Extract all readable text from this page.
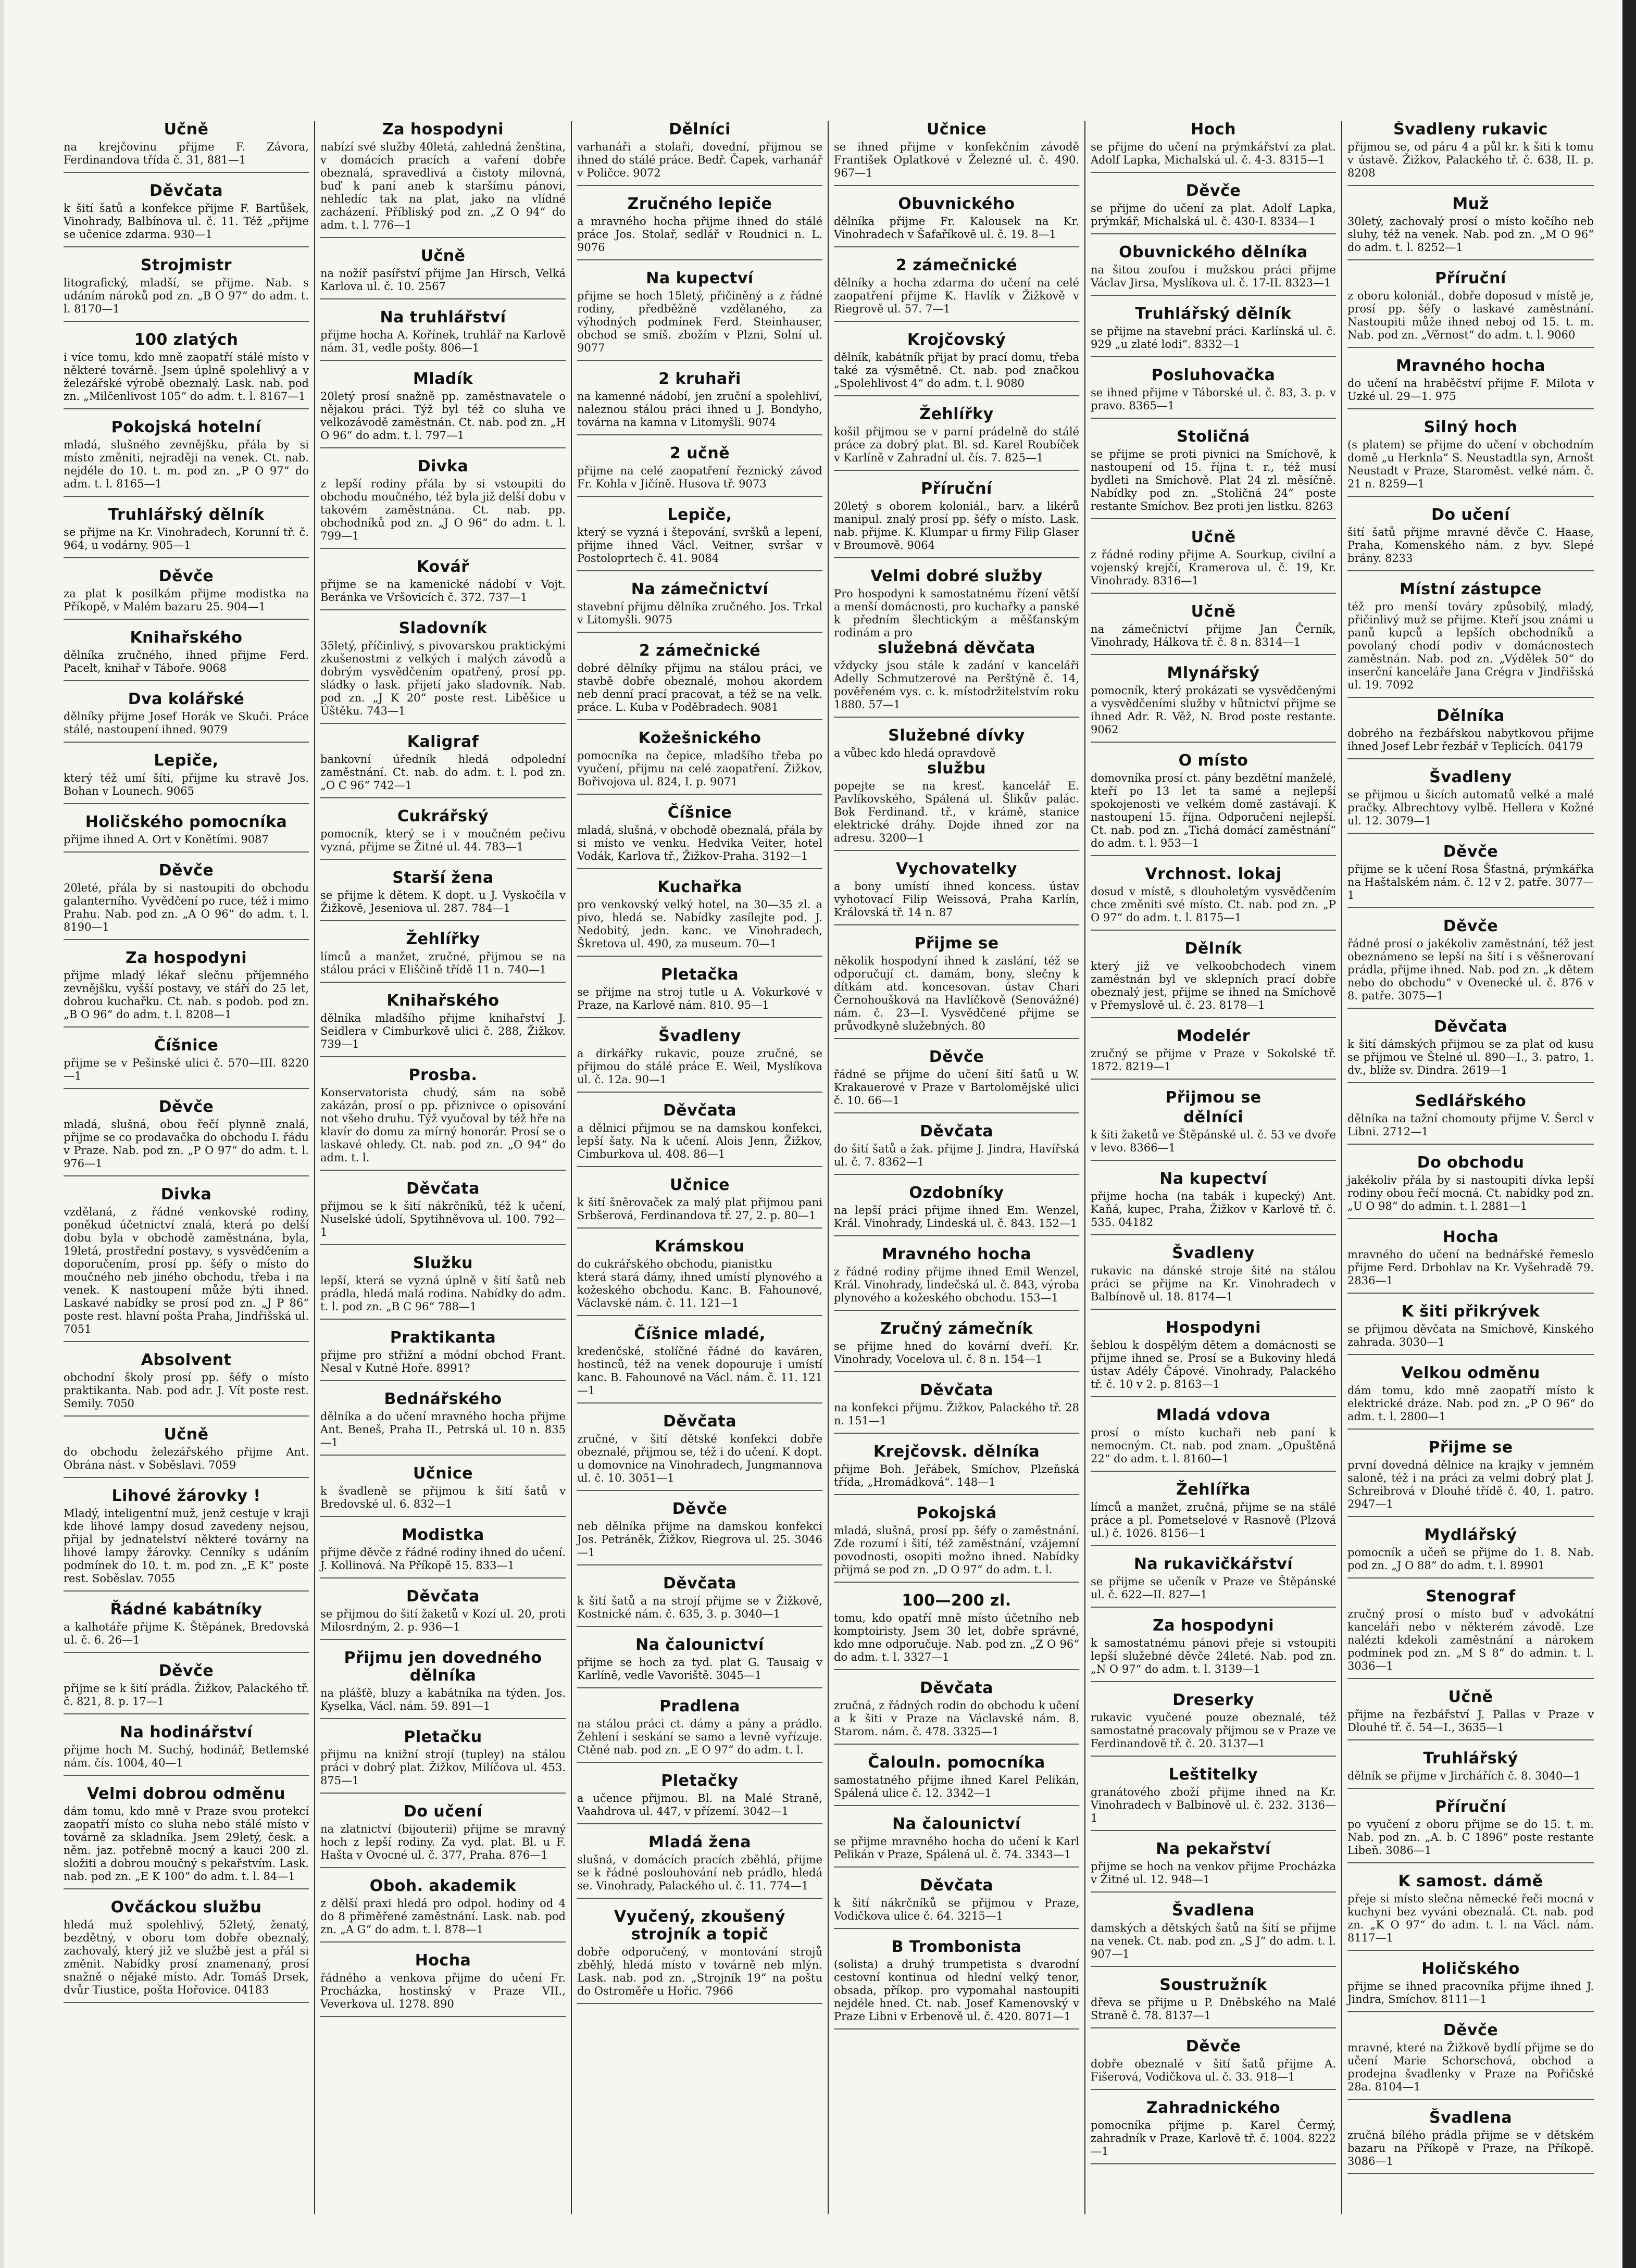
Učně

na krejčovinu přijme F. Závora, Ferdinandova třída č. 31, 881—1

Děvčata

k šití šatů a konfekce přijme F. Bartůšek, Vinohrady, Balbínova ul. č. 11. Též „přijme se učenice zdarma. 930—1

Strojmistr

litografický, mladší, se přijme. Nab. s udáním nároků pod zn. „B O 97“ do adm. t. l. 8170—1

100 zlatých

i více tomu, kdo mně zaopatří stálé místo v některé továrně. Jsem úplně spolehlivý a v železářské výrobě obeznalý. Lask. nab. pod zn. „Milčenlivost 105“ do adm. t. l. 8167—1

Pokojská hotelní

mladá, slušného zevnějšku, přála by si místo změniti, nejraději na venek. Ct. nab. nejdéle do 10. t. m. pod zn. „P O 97“ do adm. t. l. 8165—1

Truhlářský dělník

se přijme na Kr. Vinohradech, Korunní tř. č. 964, u vodárny. 905—1

Děvče

za plat k posilkám přijme modistka na Příkopě, v Malém bazaru 25. 904—1

Knihařského

dělníka zručného, ihned přijme Ferd. Pacelt, knihař v Táboře. 9068

Dva kolářské

dělníky přijme Josef Horák ve Skuči. Práce stálé, nastoupení ihned. 9079

Lepiče,

který též umí šíti, přijme ku stravě Jos. Bohan v Lounech. 9065

Holičského pomocníka

přijme ihned A. Ort v Konětími. 9087

Děvče

20leté, přála by si nastoupiti do obchodu galanterního. Vyvědčení po ruce, též i mimo Prahu. Nab. pod zn. „A O 96“ do adm. t. l. 8190—1

Za hospodyni

přijme mladý lékař slečnu příjemného zevnějšku, vyšší postavy, ve stáří do 25 let, dobrou kuchařku. Ct. nab. s podob. pod zn. „B O 96“ do adm. t. l. 8208—1

Číšnice

přijme se v Pešinské ulici č. 570—III. 8220—1

Děvče

mladá, slušná, obou řečí plynně znalá, přijme se co prodavačka do obchodu I. řádu v Praze. Nab. pod zn. „P O 97“ do adm. t. l. 976—1

Divka

vzdělaná, z řádné venkovské rodiny, poněkud účetnictví znalá, která po delší dobu byla v obchodě zaměstnána, byla, 19letá, prostřední postavy, s vysvědčením a doporučením, prosí pp. šéfy o místo do moučného neb jiného obchodu, třeba i na venek. K nastoupení může býti ihned. Laskavé nabídky se prosí pod zn. „J P 86“ poste rest. hlavní pošta Praha, Jindřišská ul. 7051

Absolvent

obchodní školy prosí pp. šéfy o místo praktikanta. Nab. pod adr. J. Vít poste rest. Semily. 7050

Učně

do obchodu železářského přijme Ant. Obrána nást. v Soběslavi. 7059

Lihové žárovky !

Mladý, inteligentní muž, jenž cestuje v kraji kde lihové lampy dosud zavedeny nejsou, přijal by jednatelství některé továrny na lihové lampy žárovky. Cenníky s udáním podmínek do 10. t. m. pod zn. „E K“ poste rest. Soběslav. 7055

Řádné kabátníky

a kalhotáře přijme K. Štěpánek, Bredovská ul. č. 6. 26—1

Děvče

přijme se k šití prádla. Žižkov, Palackého tř. č. 821, 8. p. 17—1

Na hodinářství

přijme hoch M. Suchý, hodinář, Betlemské nám. čís. 1004, 40—1

Velmi dobrou odměnu

dám tomu, kdo mně v Praze svou protekcí zaopatří místo co sluha nebo stálé místo v továrně za skladníka. Jsem 29letý, česk. a něm. jaz. potřebně mocný a kauci 200 zl. složiti a dobrou moučný s pekařstvím. Lask. nab. pod zn. „E K 100“ do adm. t. l. 84—1

Ovčáckou službu

hledá muž spolehlivý, 52letý, ženatý, bezdětný, v oboru tom dobře obeznalý, zachovalý, který již ve službě jest a přál si změnit. Nabídky prosí znamenaný, prosí snažně o nějaké místo. Adr. Tomáš Drsek, dvůr Tiustice, pošta Hořovice. 04183

Za hospodyni

nabízí své služby 40letá, zahledná ženština, v domácích pracích a vaření dobře obeznalá, spravedlivá a čistoty milovná, buď k paní aneb k staršímu pánovi, nehledíc tak na plat, jako na vlídné zacházení. Příbliský pod zn. „Z O 94“ do adm. t. l. 776—1

Učně

na nožíř pasířství přijme Jan Hirsch, Velká Karlova ul. č. 10. 2567

Na truhlářství

přijme hocha A. Kořínek, truhlář na Karlově nám. 31, vedle pošty. 806—1

Mladík

20letý prosí snažně pp. zaměstnavatele o nějakou práci. Týž byl též co sluha ve velkozávodě zaměstnán. Ct. nab. pod zn. „H O 96“ do adm. t. l. 797—1

Divka

z lepší rodiny přála by si vstoupiti do obchodu moučného, též byla již delší dobu v takovém zaměstnána. Ct. nab. pp. obchodníků pod zn. „J O 96“ do adm. t. l. 799—1

Kovář

přijme se na kamenické nádobí v Vojt. Beránka ve Vršovicích č. 372. 737—1

Sladovník

35letý, příčinlivý, s pivovarskou praktickými zkušenostmi z velkých i malých závodů a dobrým vysvědčením opatřený, prosí pp. sládky o lask. přijetí jako sladovník. Nab. pod zn. „J K 20“ poste rest. Liběšice u Úštěku. 743—1

Kaligraf

bankovní úředník hledá odpolední zaměstnání. Ct. nab. do adm. t. l. pod zn. „O C 96“ 742—1

Cukrářský

pomocník, který se i v moučném pečivu vyzná, přijme se Žitné ul. 44. 783—1

Starší žena

se přijme k dětem. K dopt. u J. Vyskočila v Žižkově, Jeseniova ul. 287. 784—1

Žehlířky

límců a manžet, zručné, přijmou se na stálou práci v Eliščině třídě 11 n. 740—1

Knihařského

dělníka mladšího přijme knihařství J. Seidlera v Cimburkově ulici č. 288, Žižkov. 739—1

Prosba.

Konservatorista chudý, sám na sobě zakázán, prosí o pp. přiznivce o opisování not všeho druhu. Týž vyučoval by též hře na klavír do domu za mírný honorár. Prosí se o laskavé ohledy. Ct. nab. pod zn. „O 94“ do adm. t. l.

Děvčata

přijmou se k šití nákrčníků, též k učení, Nuselské údolí, Spytihněvova ul. 100. 792—1

Služku

lepší, která se vyzná úplně v šití šatů neb prádla, hledá malá rodina. Nabídky do adm. t. l. pod zn. „B C 96“ 788—1

Praktikanta

přijme pro střižní a módní obchod Frant. Nesal v Kutné Hoře. 8991?

Bednářského

dělníka a do učení mravného hocha přijme Ant. Beneš, Praha II., Petrská ul. 10 n. 835—1

Učnice

k švadleně se přijmou k šití šatů v Bredovské ul. 6. 832—1

Modistka

přijme děvče z řádné rodiny ihned do učení. J. Kollinová. Na Příkopě 15. 833—1

Děvčata

se přijmou do šití žaketů v Kozí ul. 20, proti Milosrdným, 2. p. 936—1

Přijmu jen dovedného dělníka

na plášťě, bluzy a kabátníka na týden. Jos. Kyselka, Václ. nám. 59. 891—1

Pletačku

přijmu na knižní strojí (tupley) na stálou práci v dobrý plat. Žižkov, Milíčova ul. 453. 875—1

Do učení

na zlatnictví (bijouterii) přijme se mravný hoch z lepší rodiny. Za vyd. plat. Bl. u F. Hašta v Ovocné ul. č. 377, Praha. 876—1

Oboh. akademik

z dělší praxi hledá pro odpol. hodiny od 4 do 8 přiměřené zaměstnání. Lask. nab. pod zn. „A G“ do adm. t. l. 878—1

Hocha

řádného a venkova přijme do učení Fr. Procházka, hostinský v Praze VII., Veverkova ul. 1278. 890

Dělníci

varhanáři a stolaři, dovední, přijmou se ihned do stálé práce. Bedř. Čapek, varhanář v Poličce. 9072

Zručného lepiče

a mravného hocha přijme ihned do stálé práce Jos. Stolař, sedlář v Roudnici n. L. 9076

Na kupectví

přijme se hoch 15letý, přičiněný a z řádné rodiny, předběžně vzdělaného, za výhodných podmínek Ferd. Steinhauser, obchod se smíš. zbožím v Plzni, Solní ul. 9077

2 kruhaři

na kamenné nádobí, jen zruční a spolehliví, naleznou stálou práci ihned u J. Bondyho, továrna na kamna v Litomyšli. 9074

2 učně

přijme na celé zaopatření řeznický závod Fr. Kohla v Jičíně. Husova tř. 9073

Lepiče,

který se vyzná i štepování, svršků a lepení, přijme ihned Václ. Veitner, svršar v Postoloprtech č. 41. 9084

Na zámečnictví

stavební přijmu dělníka zručného. Jos. Trkal v Litomyšli. 9075

2 zámečnické

dobré dělníky přijmu na stálou práci, ve stavbě dobře obeznalé, mohou akordem neb denní prací pracovat, a též se na velk. práce. L. Kuba v Poděbradech. 9081

Kožešnického

pomocníka na čepice, mladšího třeba po vyučení, přijmu na celé zaopatření. Žižkov, Bořivojova ul. 824, I. p. 9071

Číšnice

mladá, slušná, v obchodě obeznalá, přála by si místo ve venku. Hedvika Veiter, hotel Vodák, Karlova tř., Žižkov-Praha. 3192—1

Kuchařka

pro venkovský velký hotel, na 30—35 zl. a pivo, hledá se. Nabídky zasílejte pod. J. Nedobitý, jedn. kanc. ve Vinohradech, Škretova ul. 490, za museum. 70—1

Pletačka

se přijme na stroj tutle u A. Vokurkové v Praze, na Karlově nám. 810. 95—1

Švadleny

a dirkářky rukavic, pouze zručné, se přijmou do stálé práce E. Weil, Myslíkova ul. č. 12a. 90—1

Děvčata

a dělnici přijmou se na damskou konfekci, lepší šaty. Na k učení. Alois Jenn, Žižkov, Cimburkova ul. 408. 86—1

Učnice

k šití šněrovaček za malý plat přijmou pani Srbšerová, Ferdinandova tř. 27, 2. p. 80—1

Krámskou

do cukrářského obchodu, pianistku

která stará dámy, ihned umístí plynového a kožeského obchodu. Kanc. B. Fahounové, Václavské nám. č. 11. 121—1

Číšnice mladé,

kredenčské, stolíčné řádné do kaváren, hostinců, též na venek dopouruje i umístí kanc. B. Fahounové na Václ. nám. č. 11. 121—1

Děvčata

zručné, v šití dětské konfekci dobře obeznalé, přijmou se, též i do učení. K dopt. u domovnice na Vinohradech, Jungmannova ul. č. 10. 3051—1

Děvče

neb dělníka přijme na damskou konfekci Jos. Petráněk, Žižkov, Riegrova ul. 25. 3046—1

Děvčata

k šití šatů a na strojí přijme se v Žižkově, Kostnické nám. č. 635, 3. p. 3040—1

Na čalounictví

přijme se hoch za tyd. plat G. Tausaig v Karlíně, vedle Vavoriště. 3045—1

Pradlena

na stálou práci ct. dámy a pány a prádlo. Žehlení i seskání se samo a levně vyřízuje. Ctěné nab. pod zn. „E O 97“ do adm. t. l.

Pletačky

a učence přijmou. Bl. na Malé Straně, Vaahdrova ul. 447, v přízemí. 3042—1

Mladá žena

slušná, v domácích pracích zběhlá, přijme se k řádné poslouhování neb prádlo, hledá se. Vinohrady, Palackého ul. č. 11. 774—1

Vyučený, zkoušený strojník a topič

dobře odporučený, v montování strojů zběhlý, hledá místo v továrně neb mlýn. Lask. nab. pod zn. „Strojník 19“ na poštu do Ostroměře u Hořic. 7966

Učnice

se ihned přijme v konfekčním závodě František Oplatkové v Železné ul. č. 490. 967—1

Obuvnického

dělníka přijme Fr. Kalousek na Kr. Vinohradech v Šafaříkově ul. č. 19. 8—1

2 zámečnické

dělníky a hocha zdarma do učení na celé zaopatření přijme K. Havlík v Žižkově v Riegrově ul. 57. 7—1

Krojčovský

dělník, kabátník přijat by prací domu, třeba také za výsmětně. Ct. nab. pod značkou „Spolehlivost 4“ do adm. t. l. 9080

Žehlířky

košil přijmou se v parní prádelně do stálé práce za dobrý plat. Bl. sd. Karel Roubíček v Karlíně v Zahradní ul. čís. 7. 825—1

Příruční

20letý s oborem koloniál., barv. a likérů manipul. znalý prosí pp. šéfy o místo. Lask. nab. přijme. K. Klumpar u firmy Filip Glaser v Broumově. 9064

Velmi dobré služby

Pro hospodyni k samostatnému řízení větší a menší domácnosti, pro kuchařky a panské k předním šlechtickým a měšťanským rodinám a pro

služebná děvčata

vždycky jsou stále k zadání v kanceláři Adelly Schmutzerové na Perštýně č. 14, pověřeném vys. c. k. místodržitelstvím roku 1880. 57—1

Služebné dívky

a vůbec kdo hledá opravdově

službu

popejte se na kresť. kancelář E. Pavlíkovského, Spálená ul. Šlikův palác. Bok Ferdinand. tř., v krámě, stanice elektrické dráhy. Dojde ihned zor na adresu. 3200—1

Vychovatelky

a bony umístí ihned koncess. ústav vyhotovací Filip Weissová, Praha Karlín, Královská tř. 14 n. 87

Přijme se

několik hospodyní ihned k zaslání, též se odporučují ct. damám, bony, slečny k dítkám atd. koncesovan. ústav Chari Černohoušková na Havlíčkově (Senovážné) nám. č. 23—I. Vysvědčené přijme se průvodkyně služebných. 80

Děvče

řádné se přijme do učení šití šatů u W. Krakauerové v Praze v Bartolomějské ulici č. 10. 66—1

Děvčata

do šití šatů a žak. přijme J. Jindra, Havířská ul. č. 7. 8362—1

Ozdobníky

na lepší práci přijme ihned Em. Wenzel, Král. Vinohrady, Lindeská ul. č. 843. 152—1

Mravného hocha

z řádné rodiny přijme ihned Emil Wenzel, Král. Vinohrady, lindečská ul. č. 843, výroba plynového a kožeského obchodu. 153—1

Zručný zámečník

se přijme hned do kovární dveří. Kr. Vinohrady, Vocelova ul. č. 8 n. 154—1

Děvčata

na konfekci přijmu. Žižkov, Palackého tř. 28 n. 151—1

Krejčovsk. dělníka

přijme Boh. Jeřábek, Smíchov, Plzeňská třída, „Hromádková“. 148—1

Pokojská

mladá, slušná, prosí pp. šéfy o zaměstnání. Zde rozumí i šití, též zaměstnání, vzájemní povodnosti, osopiti možno ihned. Nabídky přijmá se pod zn. „D O 97“ do adm. t. l.

100—200 zl.

tomu, kdo opatří mně místo účetního neb komptoiristy. Jsem 30 let, dobře správné, kdo mne odporučuje. Nab. pod zn. „Z O 96“ do adm. t. l. 3327—1

Děvčata

zručná, z řádných rodin do obchodu k učení a k šiti v Praze na Václavské nám. 8. Starom. nám. č. 478. 3325—1

Čalouln. pomocníka

samostatného přijme ihned Karel Pelikán, Spálená ulice č. 12. 3342—1

Na čalounictví

se přijme mravného hocha do učení k Karl Pelikán v Praze, Spálená ul. č. 74. 3343—1

Děvčata

k šití nákrčníků se přijmou v Praze, Vodičkova ulice č. 64. 3215—1

B Trombonista

(solista) a druhý trumpetista s dvarodní cestovní kontinua od hlední velký tenor, obsada, příkop. pro vypomahal nastoupiti nejdéle hned. Ct. nab. Josef Kamenovský v Praze Libni v Erbenově ul. č. 420. 8071—1

Hoch

se přijme do učení na prýmkářství za plat. Adolf Lapka, Michalská ul. č. 4-3. 8315—1

Děvče

se přijme do učení za plat. Adolf Lapka, prýmkář, Michalská ul. č. 430-I. 8334—1

Obuvnického dělníka

na šitou zoufou i mužskou práci přijme Václav Jirsa, Myslíkova ul. č. 17-II. 8323—1

Truhlářský dělník

se přijme na stavební práci. Karlínská ul. č. 929 „u zlaté lodi“. 8332—1

Posluhovačka

se ihned přijme v Táborské ul. č. 83, 3. p. v pravo. 8365—1

Stoličná

se přijme se proti pivnici na Smíchově, k nastoupení od 15. října t. r., též musí bydleti na Smíchově. Plat 24 zl. měsíčně. Nabídky pod zn. „Stoličná 24“ poste restante Smíchov. Bez proti jen listku. 8263

Učně

z řádné rodiny přijme A. Sourkup, civilní a vojenský krejčí, Kramerova ul. č. 19, Kr. Vinohrady. 8316—1

Učně

na zámečnictví přijme Jan Černík, Vinohrady, Hálkova tř. č. 8 n. 8314—1

Mlynářský

pomocník, který prokázati se vysvědčenými a vysvědčeními služby v hůtnictví přijme se ihned Adr. R. Věž, N. Brod poste restante. 9062

O místo

domovníka prosí ct. pány bezdětní manželé, kteří po 13 let ta samé a nejlepší spokojenosti ve velkém domě zastávají. K nastoupení 15. října. Odporučení nejlepší. Ct. nab. pod zn. „Tichá domácí zaměstnání“ do adm. t. l. 953—1

Vrchnost. lokaj

dosud v místě, s dlouholetým vysvědčením chce změniti své místo. Ct. nab. pod zn. „P O 97“ do adm. t. l. 8175—1

Dělník

který již ve velkoobchodech vinem zaměstnán byl ve sklepních prací dobře obeznalý jest, přijme se ihned na Smíchově v Přemyslově ul. č. 23. 8178—1

Modelér

zručný se přijme v Praze v Sokolské tř. 1872. 8219—1

Přijmou se
dělníci

k šiti žaketů ve Štěpánské ul. č. 53 ve dvoře v levo. 8366—1

Na kupectví

přijme hocha (na tabák i kupecký) Ant. Kaňá, kupec, Praha, Žižkov v Karlově tř. č. 535. 04182

Švadleny

rukavic na dánské stroje šité na stálou práci se přijme na Kr. Vinohradech v Balbínově ul. 18. 8174—1

Hospodyni

šeblou k dospělým dětem a domácnosti se přijme ihned se. Prosí se a Bukoviny hledá ústav Adély Čápové. Vinohrady, Palackého tř. č. 10 v 2. p. 8163—1

Mladá vdova

prosí o místo kuchaři neb paní k nemocným. Ct. nab. pod znam. „Opuštěná 22“ do adm. t. l. 8160—1

Žehlířka

límců a manžet, zručná, přijme se na stálé práce a pl. Pometselové v Rasnově (Plzová ul.) č. 1026. 8156—1

Na rukavičkářství

se přijme se učeník v Praze ve Štěpánské ul. č. 622—II. 827—1

Za hospodyni

k samostatnému pánovi přeje si vstoupiti lepší služebné děvče 24leté. Nab. pod zn. „N O 97“ do adm. t. l. 3139—1

Dreserky

rukavic vyučené pouze obeznalé, též samostatné pracovaly přijmou se v Praze ve Ferdinandově tř. č. 20. 3137—1

Leštitelky

granátového zboží přijme ihned na Kr. Vinohradech v Balbínově ul. č. 232. 3136—1

Na pekařství

přijme se hoch na venkov přijme Procházka v Žitné ul. 12. 948—1

Švadlena

damských a dětských šatů na šití se přijme na venek. Ct. nab. pod zn. „S J“ do adm. t. l. 907—1

Soustružník

dřeva se přijme u P. Dněbského na Malé Straně č. 78. 8137—1

Děvče

dobře obeznalé v šití šatů přijme A. Fišerová, Vodičkova ul. č. 33. 918—1

Zahradnického

pomocníka přijme p. Karel Čermý, zahradník v Praze, Karlově tř. č. 1004. 8222—1

Švadleny rukavic

přijmou se, od páru 4 a půl kr. k šiti k tomu v ústavě. Žižkov, Palackého tř. č. 638, II. p. 8208

Muž

30letý, zachovalý prosí o místo kočího neb sluhy, též na venek. Nab. pod zn. „M O 96“ do adm. t. l. 8252—1

Příruční

z oboru koloniál., dobře doposud v místě je, prosí pp. šéfy o laskavé zaměstnání. Nastoupiti může ihned neboj od 15. t. m. Nab. pod zn. „Věrnost“ do adm. t. l. 9060

Mravného hocha

do učení na hraběčství přijme F. Milota v Uzké ul. 29—1. 975

Silný hoch

(s platem) se přijme do učení v obchodním domě „u Herknla“ S. Neustadtla syn, Arnošt Neustadt v Praze, Staroměst. velké nám. č. 21 n. 8259—1

Do učení

šití šatů přijme mravné děvče C. Haase, Praha, Komenského nám. z byv. Slepé brány. 8233

Místní zástupce

též pro menší továry způsobilý, mladý, přičinlivý muž se přijme. Kteří jsou známi u panů kupců a lepších obchodníků a povolaný chodí podiv v domácnostech zaměstnán. Nab. pod zn. „Výdělek 50“ do inserční kanceláře Jana Crégra v Jindřišská ul. 19. 7092

Dělníka

dobrého na řezbářskou nabytkovou přijme ihned Josef Lebr řezbář v Teplicích. 04179

Švadleny

se přijmou u šicích automatů velké a malé pračky. Albrechtovy vylbě. Hellera v Kožné ul. 12. 3079—1

Děvče

přijme se k učení Rosa Šťastná, prýmkářka na Haštalském nám. č. 12 v 2. patře. 3077—1

Děvče

řádné prosí o jakékoliv zaměstnání, též jest obeznámeno se lepší na šití i s věšnerovaní prádla, přijme ihned. Nab. pod zn. „k dětem nebo do obchodu“ v Ovenecké ul. č. 876 v 8. patře. 3075—1

Děvčata

k šití dámských přijmou se za plat od kusu se přijmou ve Štelné ul. 890—I., 3. patro, 1. dv., blíže sv. Dindra. 2619—1

Sedlářského

dělníka na tažní chomouty přijme V. Šercl v Libni. 2712—1

Do obchodu

jakékoliv přála by si nastoupiti dívka lepší rodiny obou řečí mocná. Ct. nabídky pod zn. „U O 98“ do admin. t. l. 2881—1

Hocha

mravného do učení na bednářské řemeslo přijme Ferd. Drbohlav na Kr. Vyšehradě 79. 2836—1

K šiti přikrývek

se přijmou děvčata na Smíchově, Kinského zahrada. 3030—1

Velkou odměnu

dám tomu, kdo mně zaopatří místo k elektrické dráze. Nab. pod zn. „P O 96“ do adm. t. l. 2800—1

Přijme se

první dovedná dělnice na krajky v jemném saloně, též i na práci za velmi dobrý plat J. Schreibrová v Dlouhé třídě č. 40, 1. patro. 2947—1

Mydlářský

pomocník a učeň se přijme do 1. 8. Nab. pod zn. „J O 88“ do adm. t. l. 89901

Stenograf

zručný prosí o místo buď v advokátní kanceláři nebo v některém závodě. Lze nalézti kdekoli zaměstnání a nárokem podmínek pod zn. „M S 8“ do admin. t. l. 3036—1

Učně

přijme na řezbářství J. Pallas v Praze v Dlouhé tř. č. 54—I., 3635—1

Truhlářský

dělník se přijme v Jirchářích č. 8. 3040—1

Příruční

po vyučení z oboru přijme se do 15. t. m. Nab. pod zn. „A. b. C 1896“ poste restante Libeň. 3086—1

K samost. dámě

přeje si místo slečna německé řeči mocná v kuchyni bez vyváni obeznalá. Ct. nab. pod zn. „K O 97“ do adm. t. l. na Václ. nám. 8117—1

Holičského

přijme se ihned pracovníka přijme ihned J. Jindra, Smíchov. 8111—1

Děvče

mravné, které na Žižkově bydlí přijme se do učení Marie Schorschová, obchod a prodejna švadlenky v Praze na Pořičské 28a. 8104—1

Švadlena

zručná bílého prádla přijme se v dětském bazaru na Příkopě v Praze, na Příkopě. 3086—1
